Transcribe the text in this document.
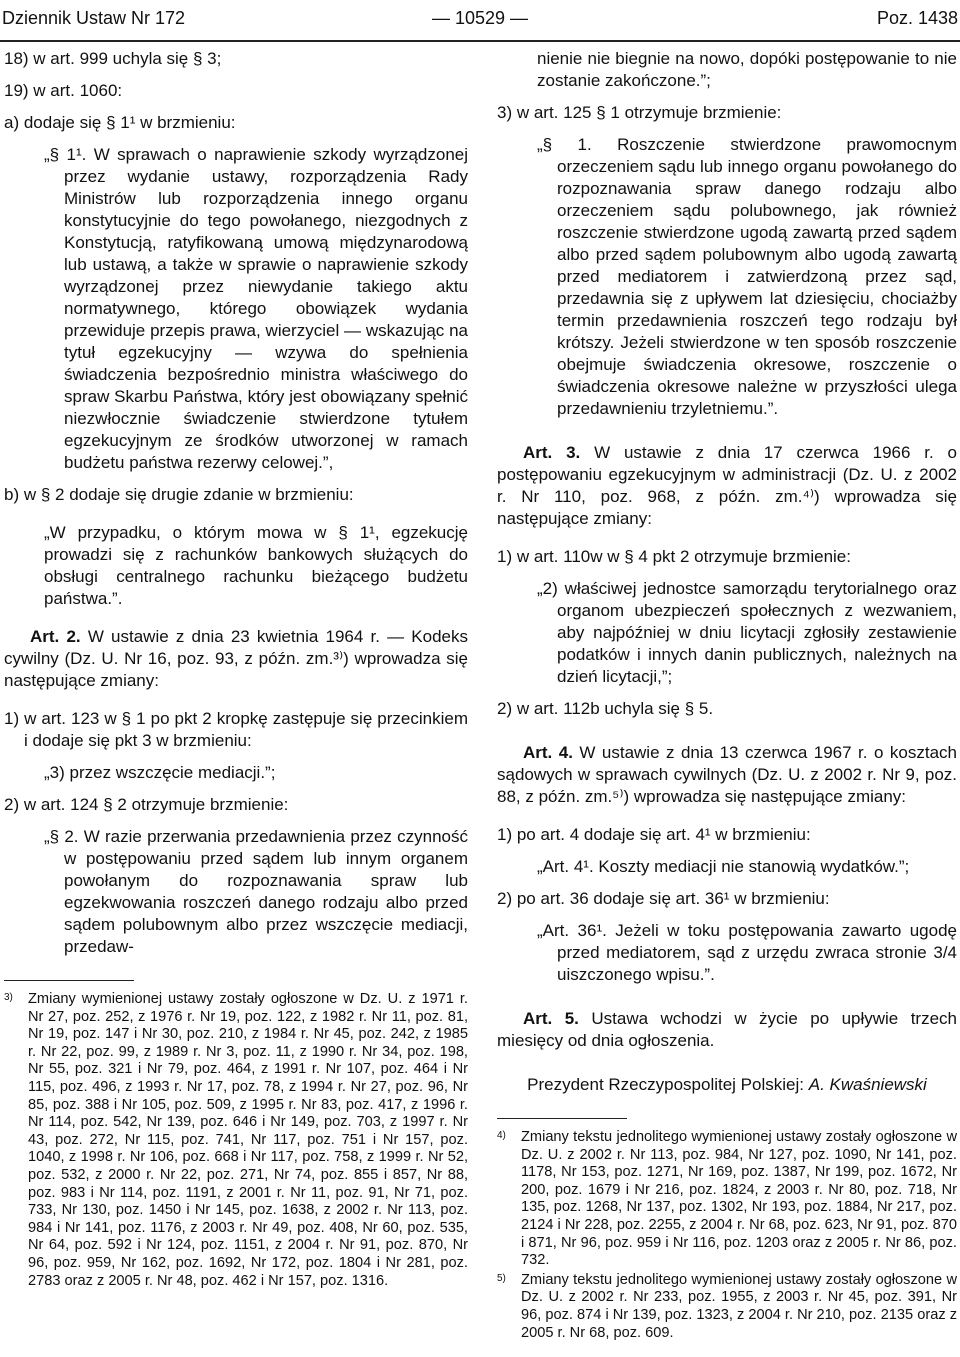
Dziennik Ustaw Nr 172	— 10529 —	Poz. 1438

18) w art. 999 uchyla się § 3;

19) w art. 1060:

a) dodaje się § 1¹ w brzmieniu:

„§ 1¹. W sprawach o naprawienie szkody wyrządzonej przez wydanie ustawy, rozporządzenia Rady Ministrów lub rozporządzenia innego organu konstytucyjnie do tego powołanego, niezgodnych z Konstytucją, ratyfikowaną umową międzynarodową lub ustawą, a także w sprawie o naprawienie szkody wyrządzonej przez niewydanie takiego aktu normatywnego, którego obowiązek wydania przewiduje przepis prawa, wierzyciel — wskazując na tytuł egzekucyjny — wzywa do spełnienia świadczenia bezpośrednio ministra właściwego do spraw Skarbu Państwa, który jest obowiązany spełnić niezwłocznie świadczenie stwierdzone tytułem egzekucyjnym ze środków utworzonej w ramach budżetu państwa rezerwy celowej.”,

b) w § 2 dodaje się drugie zdanie w brzmieniu:

„W przypadku, o którym mowa w § 1¹, egzekucję prowadzi się z rachunków bankowych służących do obsługi centralnego rachunku bieżącego budżetu państwa.”.

Art. 2. W ustawie z dnia 23 kwietnia 1964 r. — Kodeks cywilny (Dz. U. Nr 16, poz. 93, z późn. zm.³⁾) wprowadza się następujące zmiany:

1) w art. 123 w § 1 po pkt 2 kropkę zastępuje się przecinkiem i dodaje się pkt 3 w brzmieniu:

„3) przez wszczęcie mediacji.”;

2) w art. 124 § 2 otrzymuje brzmienie:

„§ 2. W razie przerwania przedawnienia przez czynność w postępowaniu przed sądem lub innym organem powołanym do rozpoznawania spraw lub egzekwowania roszczeń danego rodzaju albo przed sądem polubownym albo przez wszczęcie mediacji, przedaw-

3) Zmiany wymienionej ustawy zostały ogłoszone w Dz. U. z 1971 r. Nr 27, poz. 252, z 1976 r. Nr 19, poz. 122, z 1982 r. Nr 11, poz. 81, Nr 19, poz. 147 i Nr 30, poz. 210, z 1984 r. Nr 45, poz. 242, z 1985 r. Nr 22, poz. 99, z 1989 r. Nr 3, poz. 11, z 1990 r. Nr 34, poz. 198, Nr 55, poz. 321 i Nr 79, poz. 464, z 1991 r. Nr 107, poz. 464 i Nr 115, poz. 496, z 1993 r. Nr 17, poz. 78, z 1994 r. Nr 27, poz. 96, Nr 85, poz. 388 i Nr 105, poz. 509, z 1995 r. Nr 83, poz. 417, z 1996 r. Nr 114, poz. 542, Nr 139, poz. 646 i Nr 149, poz. 703, z 1997 r. Nr 43, poz. 272, Nr 115, poz. 741, Nr 117, poz. 751 i Nr 157, poz. 1040, z 1998 r. Nr 106, poz. 668 i Nr 117, poz. 758, z 1999 r. Nr 52, poz. 532, z 2000 r. Nr 22, poz. 271, Nr 74, poz. 855 i 857, Nr 88, poz. 983 i Nr 114, poz. 1191, z 2001 r. Nr 11, poz. 91, Nr 71, poz. 733, Nr 130, poz. 1450 i Nr 145, poz. 1638, z 2002 r. Nr 113, poz. 984 i Nr 141, poz. 1176, z 2003 r. Nr 49, poz. 408, Nr 60, poz. 535, Nr 64, poz. 592 i Nr 124, poz. 1151, z 2004 r. Nr 91, poz. 870, Nr 96, poz. 959, Nr 162, poz. 1692, Nr 172, poz. 1804 i Nr 281, poz. 2783 oraz z 2005 r. Nr 48, poz. 462 i Nr 157, poz. 1316.

nienie nie biegnie na nowo, dopóki postępowanie to nie zostanie zakończone.”;

3) w art. 125 § 1 otrzymuje brzmienie:

„§ 1. Roszczenie stwierdzone prawomocnym orzeczeniem sądu lub innego organu powołanego do rozpoznawania spraw danego rodzaju albo orzeczeniem sądu polubownego, jak również roszczenie stwierdzone ugodą zawartą przed sądem albo przed sądem polubownym albo ugodą zawartą przed mediatorem i zatwierdzoną przez sąd, przedawnia się z upływem lat dziesięciu, chociażby termin przedawnienia roszczeń tego rodzaju był krótszy. Jeżeli stwierdzone w ten sposób roszczenie obejmuje świadczenia okresowe, roszczenie o świadczenia okresowe należne w przyszłości ulega przedawnieniu trzyletniemu.”.

Art. 3. W ustawie z dnia 17 czerwca 1966 r. o postępowaniu egzekucyjnym w administracji (Dz. U. z 2002 r. Nr 110, poz. 968, z późn. zm.⁴⁾) wprowadza się następujące zmiany:

1) w art. 110w w § 4 pkt 2 otrzymuje brzmienie:

„2) właściwej jednostce samorządu terytorialnego oraz organom ubezpieczeń społecznych z wezwaniem, aby najpóźniej w dniu licytacji zgłosiły zestawienie podatków i innych danin publicznych, należnych na dzień licytacji,”;

2) w art. 112b uchyla się § 5.

Art. 4. W ustawie z dnia 13 czerwca 1967 r. o kosztach sądowych w sprawach cywilnych (Dz. U. z 2002 r. Nr 9, poz. 88, z późn. zm.⁵⁾) wprowadza się następujące zmiany:

1) po art. 4 dodaje się art. 4¹ w brzmieniu:

„Art. 4¹. Koszty mediacji nie stanowią wydatków.”;

2) po art. 36 dodaje się art. 36¹ w brzmieniu:

„Art. 36¹. Jeżeli w toku postępowania zawarto ugodę przed mediatorem, sąd z urzędu zwraca stronie 3/4 uiszczonego wpisu.”.

Art. 5. Ustawa wchodzi w życie po upływie trzech miesięcy od dnia ogłoszenia.

Prezydent Rzeczypospolitej Polskiej: A. Kwaśniewski

4) Zmiany tekstu jednolitego wymienionej ustawy zostały ogłoszone w Dz. U. z 2002 r. Nr 113, poz. 984, Nr 127, poz. 1090, Nr 141, poz. 1178, Nr 153, poz. 1271, Nr 169, poz. 1387, Nr 199, poz. 1672, Nr 200, poz. 1679 i Nr 216, poz. 1824, z 2003 r. Nr 80, poz. 718, Nr 135, poz. 1268, Nr 137, poz. 1302, Nr 193, poz. 1884, Nr 217, poz. 2124 i Nr 228, poz. 2255, z 2004 r. Nr 68, poz. 623, Nr 91, poz. 870 i 871, Nr 96, poz. 959 i Nr 116, poz. 1203 oraz z 2005 r. Nr 86, poz. 732.

5) Zmiany tekstu jednolitego wymienionej ustawy zostały ogłoszone w Dz. U. z 2002 r. Nr 233, poz. 1955, z 2003 r. Nr 45, poz. 391, Nr 96, poz. 874 i Nr 139, poz. 1323, z 2004 r. Nr 210, poz. 2135 oraz z 2005 r. Nr 68, poz. 609.
